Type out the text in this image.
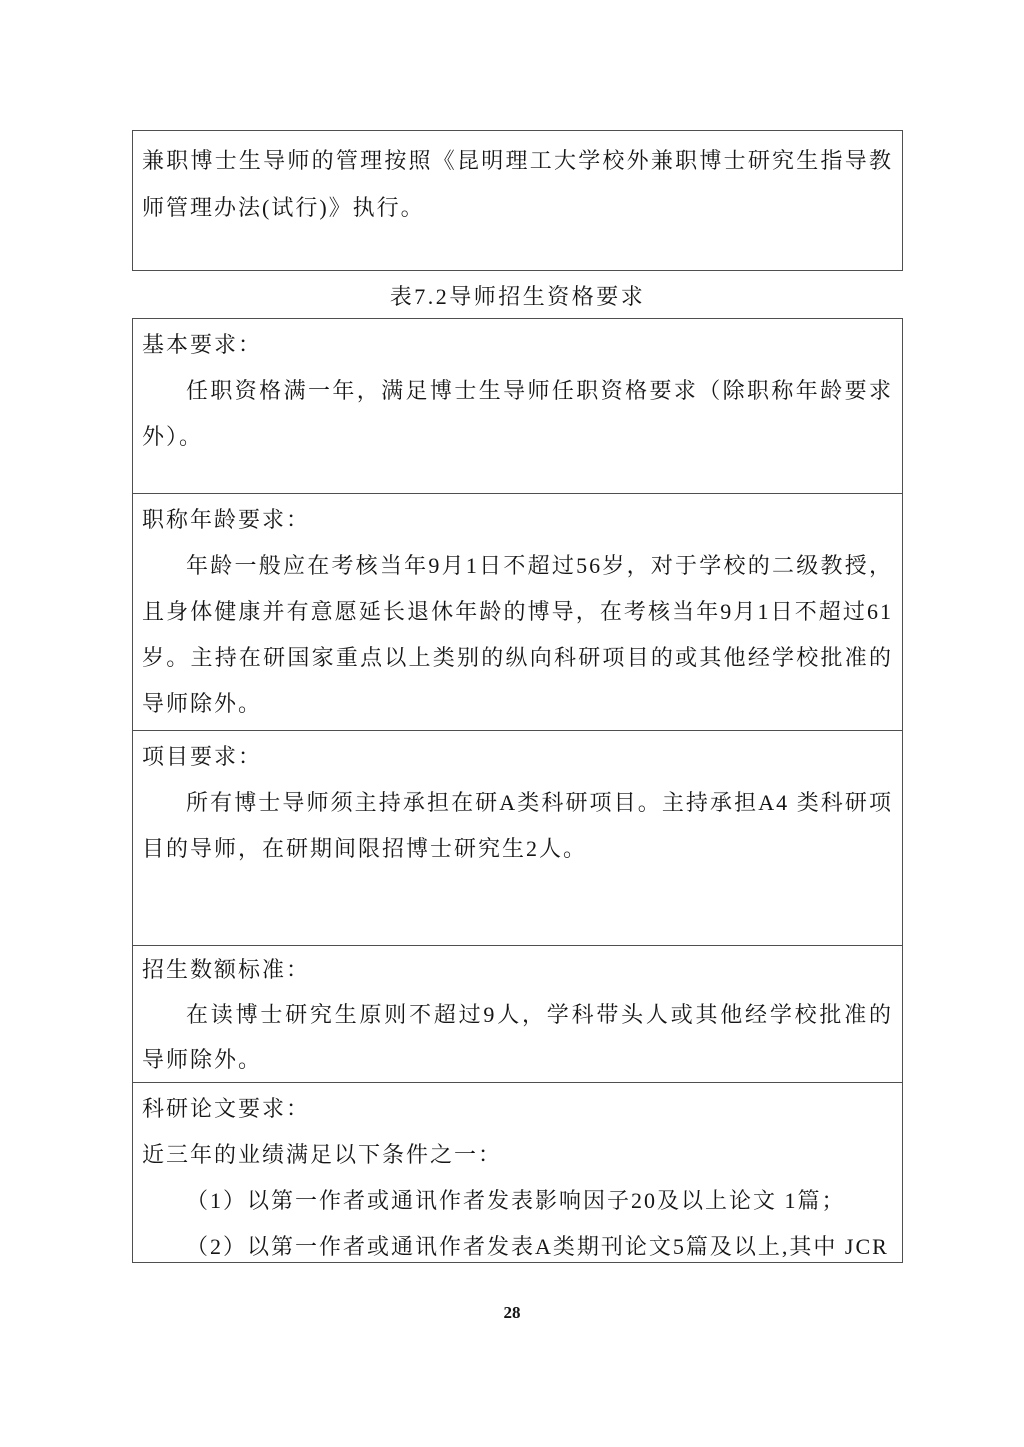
兼职博士生导师的管理按照《昆明理工大学校外兼职博士研究生指导教师管理办法(试行)》执行。

表7.2导师招生资格要求

基本要求：

任职资格满一年，满足博士生导师任职资格要求（除职称年龄要求外）。

职称年龄要求：

年龄一般应在考核当年9月1日不超过56岁，对于学校的二级教授，且身体健康并有意愿延长退休年龄的博导，在考核当年9月1日不超过61岁。主持在研国家重点以上类别的纵向科研项目的或其他经学校批准的导师除外。

项目要求：

所有博士导师须主持承担在研A类科研项目。主持承担A4 类科研项目的导师，在研期间限招博士研究生2人。

招生数额标准：

在读博士研究生原则不超过9人，学科带头人或其他经学校批准的导师除外。

科研论文要求：

近三年的业绩满足以下条件之一：

（1）以第一作者或通讯作者发表影响因子20及以上论文 1篇；

（2）以第一作者或通讯作者发表A类期刊论文5篇及以上,其中 JCR

28
